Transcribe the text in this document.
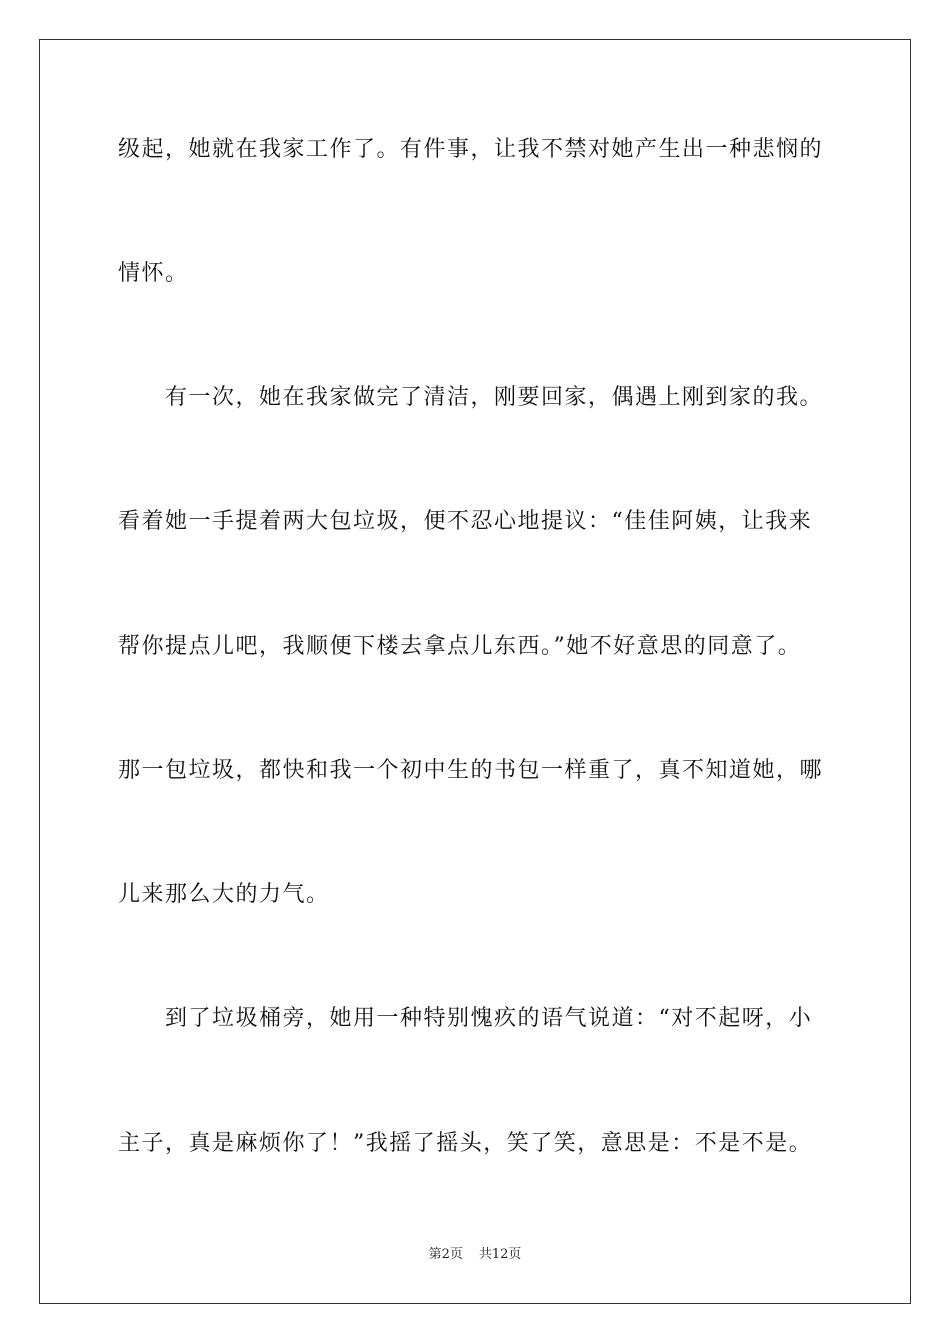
级起，她就在我家工作了。有件事，让我不禁对她产生出一种悲悯的
情怀。
　　有一次，她在我家做完了清洁，刚要回家，偶遇上刚到家的我。
看着她一手提着两大包垃圾，便不忍心地提议：“佳佳阿姨，让我来
帮你提点儿吧，我顺便下楼去拿点儿东西。”她不好意思的同意了。
那一包垃圾，都快和我一个初中生的书包一样重了，真不知道她，哪
儿来那么大的力气。
　　到了垃圾桶旁，她用一种特别愧疚的语气说道：“对不起呀，小
主子，真是麻烦你了！”我摇了摇头，笑了笑，意思是：不是不是。
第2页 共12页
